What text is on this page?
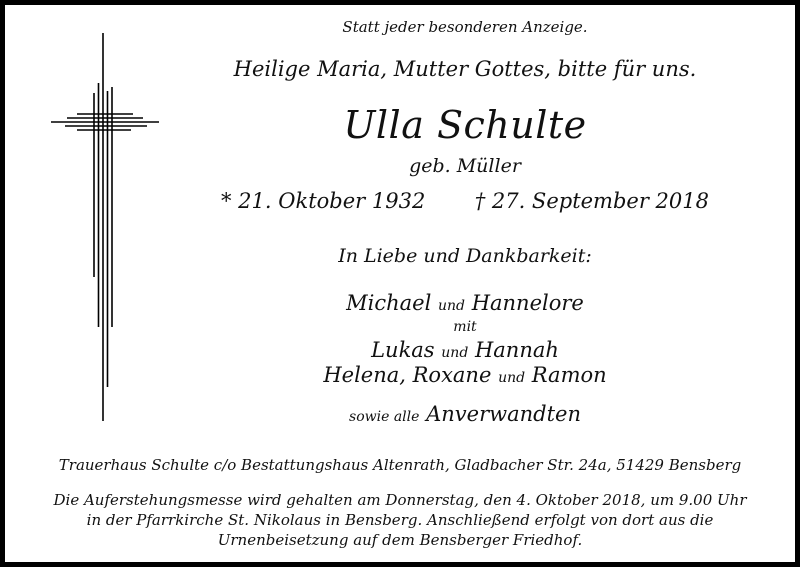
Statt jeder besonderen Anzeige.
Heilige Maria, Mutter Gottes, bitte für uns.
Ulla Schulte
geb. Müller
* 21. Oktober 1932 † 27. September 2018
In Liebe und Dankbarkeit:
Michael und Hannelore
mit
Lukas und Hannah
Helena, Roxane und Ramon
sowie alle Anverwandten
Trauerhaus Schulte c/o Bestattungshaus Altenrath, Gladbacher Str. 24a, 51429 Bensberg
Die Auferstehungsmesse wird gehalten am Donnerstag, den 4. Oktober 2018, um 9.00 Uhr
in der Pfarrkirche St. Nikolaus in Bensberg. Anschließend erfolgt von dort aus die
Urnenbeisetzung auf dem Bensberger Friedhof.
